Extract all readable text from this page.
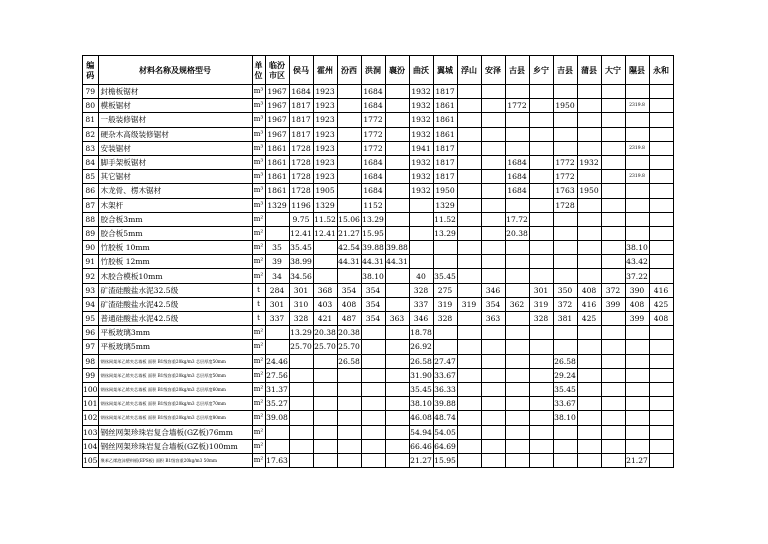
编码	材料名称及规格型号	单位	临汾市区	侯马	霍州	汾西	洪洞	襄汾	曲沃	翼城	浮山	安泽	古县	乡宁	吉县	蒲县	大宁	隰县	永和
79	封檐板锯材	m³	1967	1684	1923		1684		1932	1817									
80	模板锯材	m³	1967	1817	1923		1684		1932	1861			1772		1950			2319.8	
81	一般装修锯材	m³	1967	1817	1923		1772		1932	1861									
82	硬杂木高级装修锯材	m³	1967	1817	1923		1772		1932	1861									
83	安装锯材	m³	1861	1728	1923		1772		1941	1817								2319.8	
84	脚手架板锯材	m³	1861	1728	1923		1684		1932	1817			1684		1772	1932			
85	其它锯材	m³	1861	1728	1923		1684		1932	1817			1684		1772			2319.8	
86	木龙骨、楞木锯材	m³	1861	1728	1905		1684		1932	1950			1684		1763	1950			
87	木架杆	m³	1329	1196	1329		1152			1329					1728				
88	胶合板3mm	m²		9.75	11.52	15.06	13.29			11.52			17.72						
89	胶合板5mm	m²		12.41	12.41	21.27	15.95			13.29			20.38						
90	竹胶板 10mm	m²	35	35.45		42.54	39.88	39.88										38.10	
91	竹胶板 12mm	m²	39	38.99		44.31	44.31	44.31										43.42	
92	木胶合模板10mm	m²	34	34.56			38.10		40	35.45								37.22	
93	矿渣硅酸盐水泥32.5级	t	284	301	368	354	354		328	275		346		301	350	408	372	390	416
94	矿渣硅酸盐水泥42.5级	t	301	310	403	408	354		337	319	319	354	362	319	372	416	399	408	425
95	普通硅酸盐水泥42.5级	t	337	328	421	487	354	363	346	328		363		328	381	425		399	408
96	平板玻璃3mm	m²		13.29	20.38	20.38			18.78										
97	平板玻璃5mm	m²		25.70	25.70	25.70			26.92										
98	钢丝网架苯乙烯夹芯墙板 面积 B1级容重20kg/m3 芯层厚度50mm	m²	24.46			26.58			26.58	27.47					26.58				
99	钢丝网架苯乙烯夹芯墙板 面积 B1级容重20kg/m3 芯层厚度50mm	m²	27.56						31.90	33.67					29.24				
100	钢丝网架苯乙烯夹芯墙板 面积 B1级容重20kg/m3 芯层厚度60mm	m²	31.37						35.45	36.33					35.45				
101	钢丝网架苯乙烯夹芯墙板 面积 B1级容重20kg/m3 芯层厚度70mm	m²	35.27						38.10	39.88					33.67				
102	钢丝网架苯乙烯夹芯墙板 面积 B1级容重20kg/m3 芯层厚度80mm	m²	39.08						46.08	48.74					38.10				
103	钢丝网架珍珠岩复合墙板(GZ板)76mm	m²							54.94	54.05									
104	钢丝网架珍珠岩复合墙板(GZ板)100mm	m²							66.46	64.69									
105	聚苯乙烯泡沫塑料板(EPS板) 面积 B1级容重20kg/m3 50mm	m²	17.63						21.27	15.95								21.27	
